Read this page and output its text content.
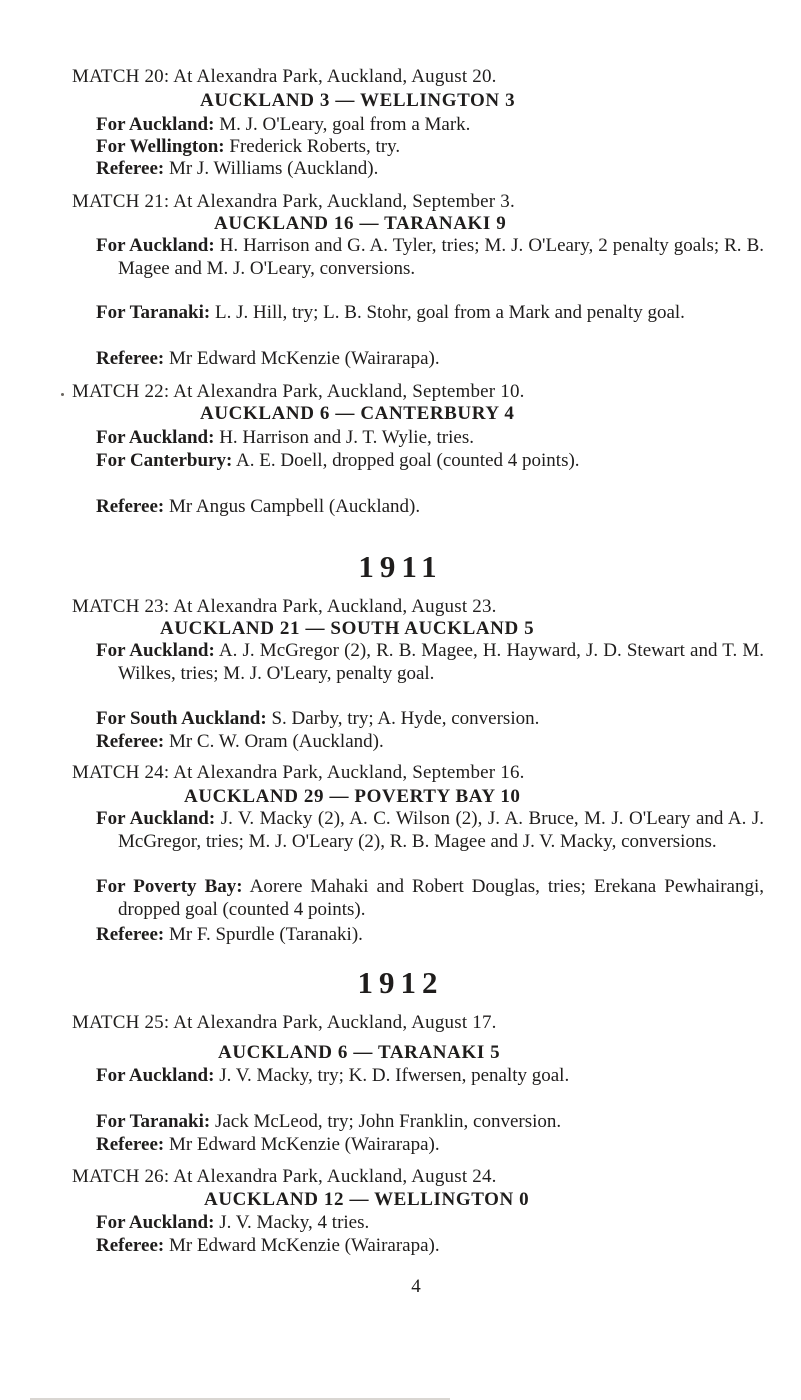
MATCH 20: At Alexandra Park, Auckland, August 20.
AUCKLAND 3 — WELLINGTON 3
For Auckland: M. J. O'Leary, goal from a Mark.
For Wellington: Frederick Roberts, try.
Referee: Mr J. Williams (Auckland).
MATCH 21: At Alexandra Park, Auckland, September 3.
AUCKLAND 16 — TARANAKI 9
For Auckland: H. Harrison and G. A. Tyler, tries; M. J. O'Leary, 2 penalty goals; R. B. Magee and M. J. O'Leary, conversions.
For Taranaki: L. J. Hill, try; L. B. Stohr, goal from a Mark and penalty goal.
Referee: Mr Edward McKenzie (Wairarapa).
MATCH 22: At Alexandra Park, Auckland, September 10.
AUCKLAND 6 — CANTERBURY 4
For Auckland: H. Harrison and J. T. Wylie, tries.
For Canterbury: A. E. Doell, dropped goal (counted 4 points).
Referee: Mr Angus Campbell (Auckland).
1911
MATCH 23: At Alexandra Park, Auckland, August 23.
AUCKLAND 21 — SOUTH AUCKLAND 5
For Auckland: A. J. McGregor (2), R. B. Magee, H. Hayward, J. D. Stewart and T. M. Wilkes, tries; M. J. O'Leary, penalty goal.
For South Auckland: S. Darby, try; A. Hyde, conversion.
Referee: Mr C. W. Oram (Auckland).
MATCH 24: At Alexandra Park, Auckland, September 16.
AUCKLAND 29 — POVERTY BAY 10
For Auckland: J. V. Macky (2), A. C. Wilson (2), J. A. Bruce, M. J. O'Leary and A. J. McGregor, tries; M. J. O'Leary (2), R. B. Magee and J. V. Macky, conversions.
For Poverty Bay: Aorere Mahaki and Robert Douglas, tries; Erekana Pewhairangi, dropped goal (counted 4 points).
Referee: Mr F. Spurdle (Taranaki).
1912
MATCH 25: At Alexandra Park, Auckland, August 17.
AUCKLAND 6 — TARANAKI 5
For Auckland: J. V. Macky, try; K. D. Ifwersen, penalty goal.
For Taranaki: Jack McLeod, try; John Franklin, conversion.
Referee: Mr Edward McKenzie (Wairarapa).
MATCH 26: At Alexandra Park, Auckland, August 24.
AUCKLAND 12 — WELLINGTON 0
For Auckland: J. V. Macky, 4 tries.
Referee: Mr Edward McKenzie (Wairarapa).
4
